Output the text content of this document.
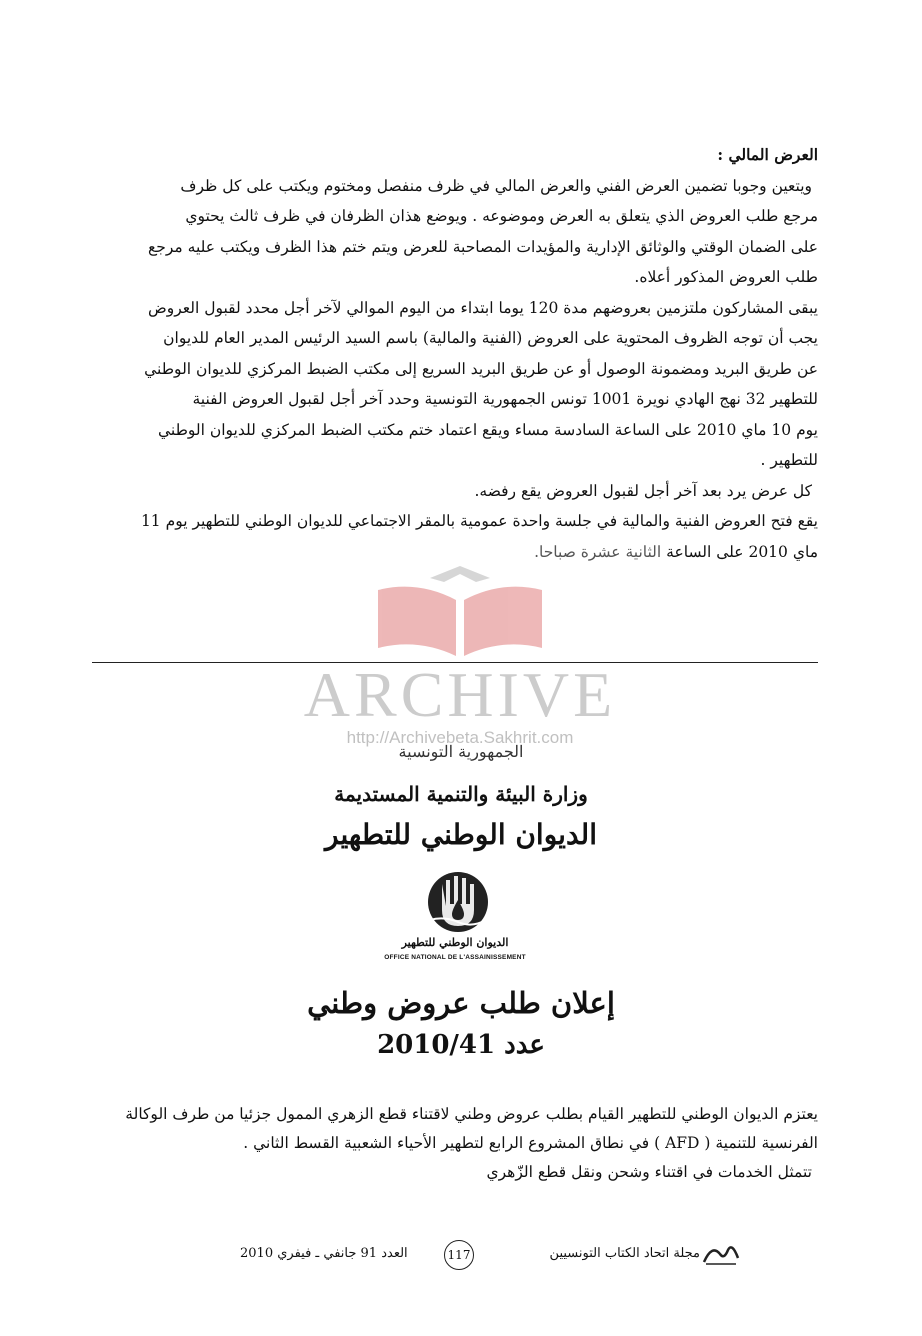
العرض المالي :

ويتعين وجوبا تضمين العرض الفني والعرض المالي في ظرف منفصل ومختوم ويكتب على كل ظرف

مرجع طلب العروض الذي يتعلق به العرض وموضوعه . ويوضع هذان الظرفان في ظرف ثالث يحتوي

على الضمان الوقتي والوثائق الإدارية والمؤيدات المصاحبة للعرض ويتم ختم هذا الظرف ويكتب عليه مرجع

طلب العروض المذكور أعلاه.

يبقى المشاركون ملتزمين بعروضهم مدة 120 يوما ابتداء من اليوم الموالي لآخر أجل محدد لقبول العروض

يجب أن توجه الظروف المحتوية على العروض (الفنية والمالية) باسم السيد الرئيس المدير العام للديوان

عن طريق البريد ومضمونة الوصول أو عن طريق البريد السريع إلى مكتب الضبط المركزي للديوان الوطني

للتطهير 32 نهج الهادي نويرة 1001 تونس الجمهورية التونسية وحدد آخر أجل لقبول العروض الفنية

يوم 10 ماي 2010 على الساعة السادسة مساء ويقع اعتماد ختم مكتب الضبط المركزي للديوان الوطني

للتطهير .

كل عرض يرد بعد آخر أجل لقبول العروض يقع رفضه.

يقع فتح العروض الفنية والمالية في جلسة واحدة عمومية بالمقر الاجتماعي للديوان الوطني للتطهير يوم 11

ماي 2010 على الساعة الثانية عشرة صباحا.

ARCHIVE
http://Archivebeta.Sakhrit.com
الجمهورية التونسية
وزارة البيئة والتنمية المستديمة
الديوان الوطني للتطهير
الديوان الوطني للتطهير
OFFICE NATIONAL DE L'ASSAINISSEMENT
إعلان طلب عروض وطني
عدد 2010/41

يعتزم الديوان الوطني للتطهير القيام بطلب عروض وطني لاقتناء قطع الزهري الممول جزئيا من طرف الوكالة

الفرنسية للتنمية ( AFD ) في نطاق المشروع الرابع لتطهير الأحياء الشعبية القسط الثاني .

تتمثل الخدمات في اقتناء وشحن ونقل قطع الزّهري

العدد 91 جانفي ـ فيفري 2010	117	مجلة اتحاد الكتاب التونسيين
